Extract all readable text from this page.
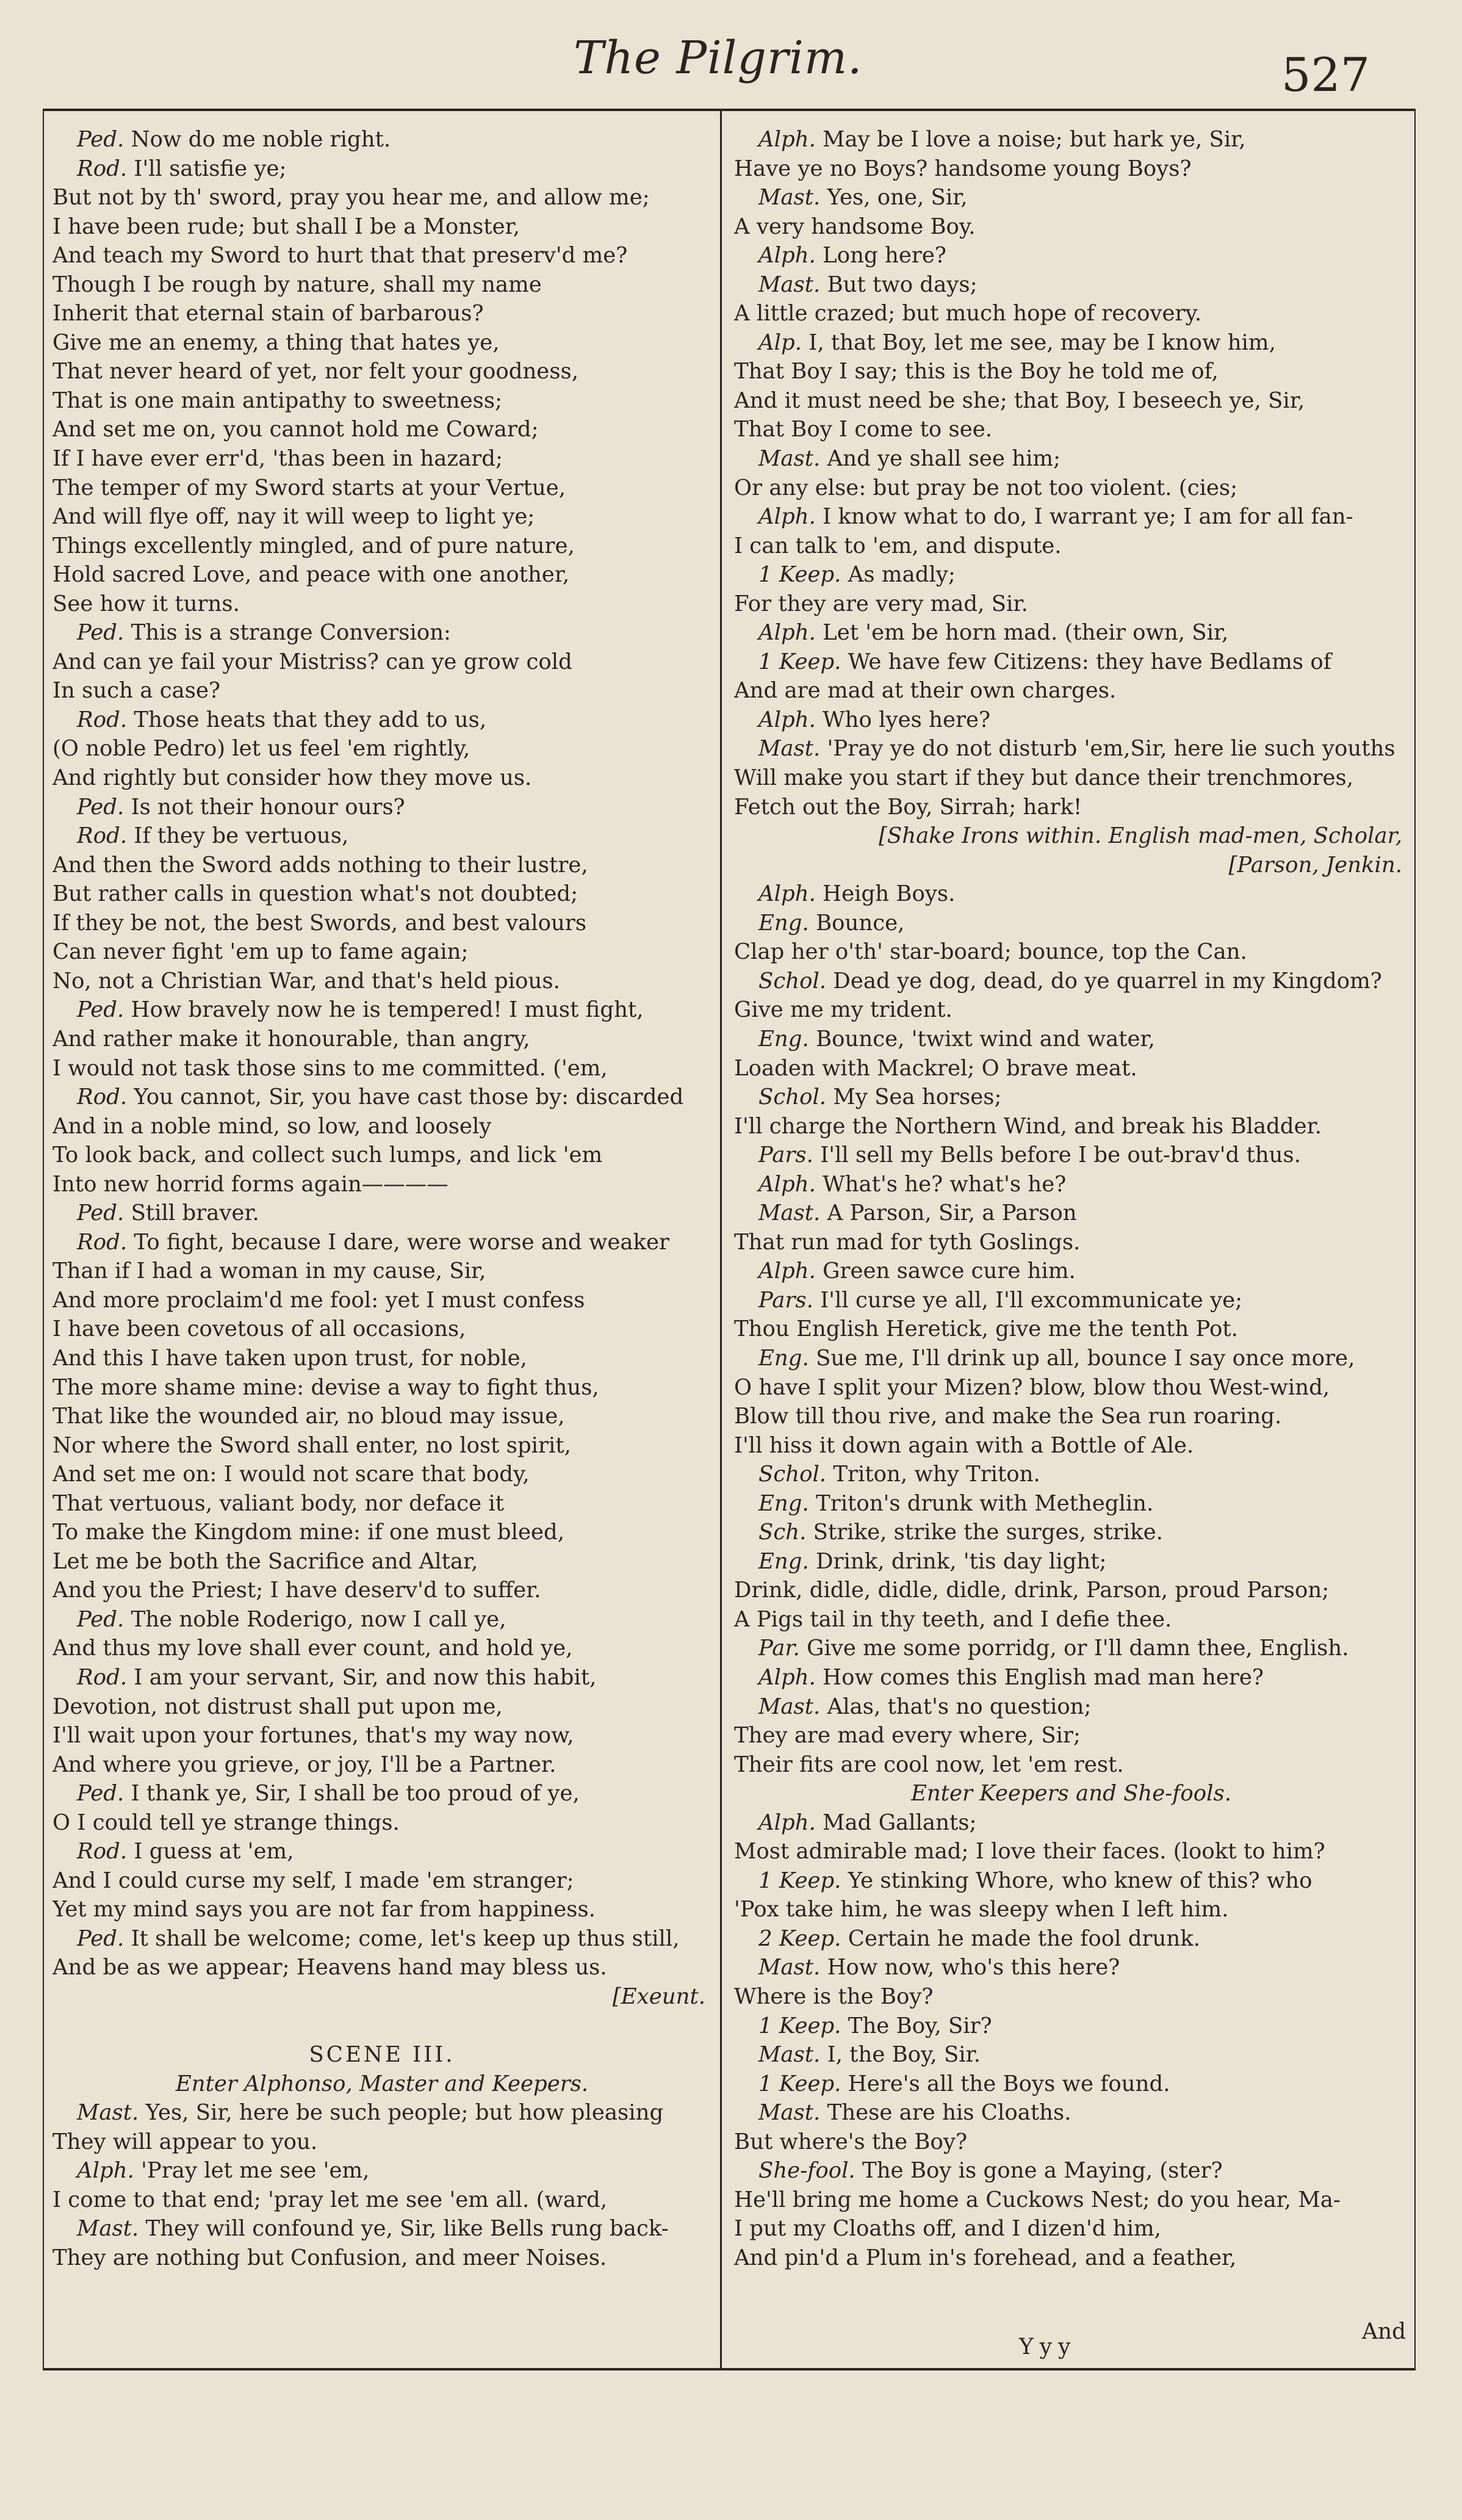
The Pilgrim.	527
Ped. Now do me noble right.
Rod. I'll satisfie ye;
But not by th' sword, pray you hear me, and allow me;
I have been rude; but shall I be a Monster,
And teach my Sword to hurt that that preserv'd me?
Though I be rough by nature, shall my name
Inherit that eternal stain of barbarous?
Give me an enemy, a thing that hates ye,
That never heard of yet, nor felt your goodness,
That is one main antipathy to sweetness;
And set me on, you cannot hold me Coward;
If I have ever err'd, 'thas been in hazard;
The temper of my Sword starts at your Vertue,
And will flye off, nay it will weep to light ye;
Things excellently mingled, and of pure nature,
Hold sacred Love, and peace with one another,
See how it turns.
Ped. This is a strange Conversion:
And can ye fail your Mistriss? can ye grow cold
In such a case?
Rod. Those heats that they add to us,
(O noble Pedro) let us feel 'em rightly,
And rightly but consider how they move us.
Ped. Is not their honour ours?
Rod. If they be vertuous,
And then the Sword adds nothing to their lustre,
But rather calls in question what's not doubted;
If they be not, the best Swords, and best valours
Can never fight 'em up to fame again;
No, not a Christian War, and that's held pious.
Ped. How bravely now he is tempered! I must fight,
And rather make it honourable, than angry,
I would not task those sins to me committed. ('em,
Rod. You cannot, Sir, you have cast those by: discarded
And in a noble mind, so low, and loosely
To look back, and collect such lumps, and lick 'em
Into new horrid forms again————
Ped. Still braver.
Rod. To fight, because I dare, were worse and weaker
Than if I had a woman in my cause, Sir,
And more proclaim'd me fool: yet I must confess
I have been covetous of all occasions,
And this I have taken upon trust, for noble,
The more shame mine: devise a way to fight thus,
That like the wounded air, no bloud may issue,
Nor where the Sword shall enter, no lost spirit,
And set me on: I would not scare that body,
That vertuous, valiant body, nor deface it
To make the Kingdom mine: if one must bleed,
Let me be both the Sacrifice and Altar,
And you the Priest; I have deserv'd to suffer.
Ped. The noble Roderigo, now I call ye,
And thus my love shall ever count, and hold ye,
Rod. I am your servant, Sir, and now this habit,
Devotion, not distrust shall put upon me,
I'll wait upon your fortunes, that's my way now,
And where you grieve, or joy, I'll be a Partner.
Ped. I thank ye, Sir, I shall be too proud of ye,
O I could tell ye strange things.
Rod. I guess at 'em,
And I could curse my self, I made 'em stranger;
Yet my mind says you are not far from happiness.
Ped. It shall be welcome; come, let's keep up thus still,
And be as we appear; Heavens hand may bless us.
[Exeunt.
SCENE III.
Enter Alphonso, Master and Keepers.
Mast. Yes, Sir, here be such people; but how pleasing
They will appear to you.
Alph. 'Pray let me see 'em,
I come to that end; 'pray let me see 'em all. (ward,
Mast. They will confound ye, Sir, like Bells rung back-
They are nothing but Confusion, and meer Noises.
Alph. May be I love a noise; but hark ye, Sir,
Have ye no Boys? handsome young Boys?
Mast. Yes, one, Sir,
A very handsome Boy.
Alph. Long here?
Mast. But two days;
A little crazed; but much hope of recovery.
Alp. I, that Boy, let me see, may be I know him,
That Boy I say; this is the Boy he told me of,
And it must need be she; that Boy, I beseech ye, Sir,
That Boy I come to see.
Mast. And ye shall see him;
Or any else: but pray be not too violent. (cies;
Alph. I know what to do, I warrant ye; I am for all fan-
I can talk to 'em, and dispute.
1 Keep. As madly;
For they are very mad, Sir.
Alph. Let 'em be horn mad. (their own, Sir,
1 Keep. We have few Citizens: they have Bedlams of
And are mad at their own charges.
Alph. Who lyes here?
Mast. 'Pray ye do not disturb 'em,Sir, here lie such youths
Will make you start if they but dance their trenchmores,
Fetch out the Boy, Sirrah; hark!
[Shake Irons within. English mad-men, Scholar,
[Parson, Jenkin.
Alph. Heigh Boys.
Eng. Bounce,
Clap her o'th' star-board; bounce, top the Can.
Schol. Dead ye dog, dead, do ye quarrel in my Kingdom?
Give me my trident.
Eng. Bounce, 'twixt wind and water,
Loaden with Mackrel; O brave meat.
Schol. My Sea horses;
I'll charge the Northern Wind, and break his Bladder.
Pars. I'll sell my Bells before I be out-brav'd thus.
Alph. What's he? what's he?
Mast. A Parson, Sir, a Parson
That run mad for tyth Goslings.
Alph. Green sawce cure him.
Pars. I'll curse ye all, I'll excommunicate ye;
Thou English Heretick, give me the tenth Pot.
Eng. Sue me, I'll drink up all, bounce I say once more,
O have I split your Mizen? blow, blow thou West-wind,
Blow till thou rive, and make the Sea run roaring.
I'll hiss it down again with a Bottle of Ale.
Schol. Triton, why Triton.
Eng. Triton's drunk with Metheglin.
Sch. Strike, strike the surges, strike.
Eng. Drink, drink, 'tis day light;
Drink, didle, didle, didle, drink, Parson, proud Parson;
A Pigs tail in thy teeth, and I defie thee.
Par. Give me some porridg, or I'll damn thee, English.
Alph. How comes this English mad man here?
Mast. Alas, that's no question;
They are mad every where, Sir;
Their fits are cool now, let 'em rest.
Enter Keepers and She-fools.
Alph. Mad Gallants;
Most admirable mad; I love their faces. (lookt to him?
1 Keep. Ye stinking Whore, who knew of this? who
'Pox take him, he was sleepy when I left him.
2 Keep. Certain he made the fool drunk.
Mast. How now, who's this here?
Where is the Boy?
1 Keep. The Boy, Sir?
Mast. I, the Boy, Sir.
1 Keep. Here's all the Boys we found.
Mast. These are his Cloaths.
But where's the Boy?
She-fool. The Boy is gone a Maying, (ster?
He'll bring me home a Cuckows Nest; do you hear, Ma-
I put my Cloaths off, and I dizen'd him,
And pin'd a Plum in's forehead, and a feather,
Yyy
And
